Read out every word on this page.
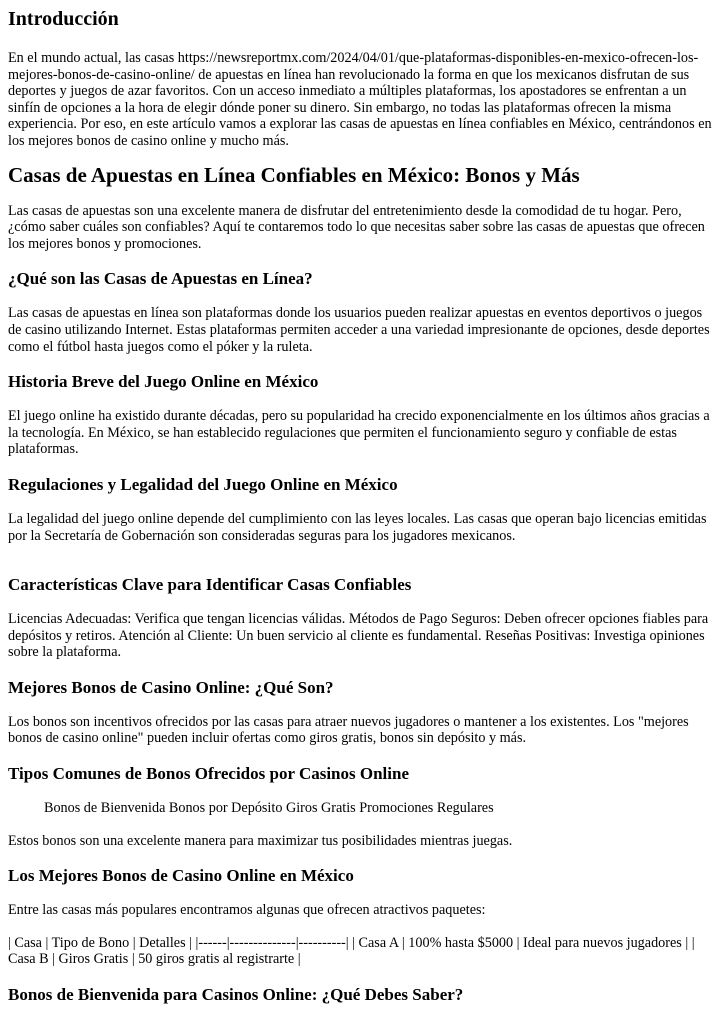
Introducción

En el mundo actual, las casas https://newsreportmx.com/2024/04/01/que-plataformas-disponibles-en-mexico-ofrecen-los-mejores-bonos-de-casino-online/ de apuestas en línea han revolucionado la forma en que los mexicanos disfrutan de sus deportes y juegos de azar favoritos. Con un acceso inmediato a múltiples plataformas, los apostadores se enfrentan a un sinfín de opciones a la hora de elegir dónde poner su dinero. Sin embargo, no todas las plataformas ofrecen la misma experiencia. Por eso, en este artículo vamos a explorar las casas de apuestas en línea confiables en México, centrándonos en los mejores bonos de casino online y mucho más.

Casas de Apuestas en Línea Confiables en México: Bonos y Más

Las casas de apuestas son una excelente manera de disfrutar del entretenimiento desde la comodidad de tu hogar. Pero, ¿cómo saber cuáles son confiables? Aquí te contaremos todo lo que necesitas saber sobre las casas de apuestas que ofrecen los mejores bonos y promociones.

¿Qué son las Casas de Apuestas en Línea?

Las casas de apuestas en línea son plataformas donde los usuarios pueden realizar apuestas en eventos deportivos o juegos de casino utilizando Internet. Estas plataformas permiten acceder a una variedad impresionante de opciones, desde deportes como el fútbol hasta juegos como el póker y la ruleta.

Historia Breve del Juego Online en México

El juego online ha existido durante décadas, pero su popularidad ha crecido exponencialmente en los últimos años gracias a la tecnología. En México, se han establecido regulaciones que permiten el funcionamiento seguro y confiable de estas plataformas.

Regulaciones y Legalidad del Juego Online en México

La legalidad del juego online depende del cumplimiento con las leyes locales. Las casas que operan bajo licencias emitidas por la Secretaría de Gobernación son consideradas seguras para los jugadores mexicanos.

Características Clave para Identificar Casas Confiables

Licencias Adecuadas: Verifica que tengan licencias válidas. Métodos de Pago Seguros: Deben ofrecer opciones fiables para depósitos y retiros. Atención al Cliente: Un buen servicio al cliente es fundamental. Reseñas Positivas: Investiga opiniones sobre la plataforma.

Mejores Bonos de Casino Online: ¿Qué Son?

Los bonos son incentivos ofrecidos por las casas para atraer nuevos jugadores o mantener a los existentes. Los "mejores bonos de casino online" pueden incluir ofertas como giros gratis, bonos sin depósito y más.

Tipos Comunes de Bonos Ofrecidos por Casinos Online

Bonos de Bienvenida Bonos por Depósito Giros Gratis Promociones Regulares

Estos bonos son una excelente manera para maximizar tus posibilidades mientras juegas.

Los Mejores Bonos de Casino Online en México

Entre las casas más populares encontramos algunas que ofrecen atractivos paquetes:

| Casa | Tipo de Bono | Detalles | |------|--------------|----------| | Casa A | 100% hasta $5000 | Ideal para nuevos jugadores | | Casa B | Giros Gratis | 50 giros gratis al registrarte |

Bonos de Bienvenida para Casinos Online: ¿Qué Debes Saber?
